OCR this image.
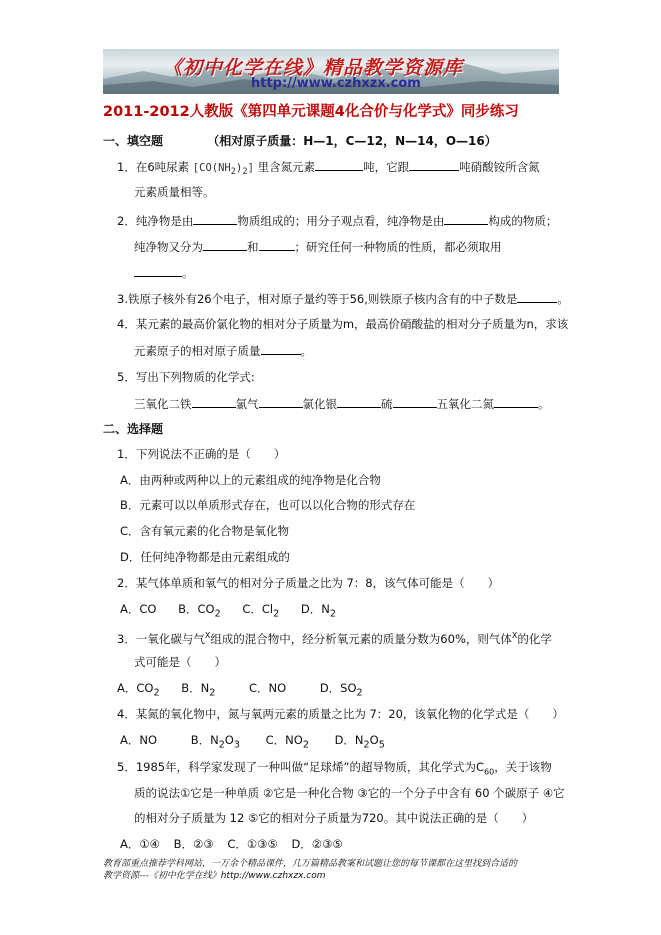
《初中化学在线》精品教学资源库
http://www.czhxzx.com
2011-2012人教版《第四单元课题4化合价与化学式》同步练习
一、填空题	（相对原子质量：H—1，C—12，N—14，O—16）
1．在6吨尿素 $[CO(NH_2)_2]$ 里含氮元素	吨，它跟	吨硝酸铵所含氮
元素质量相等。
2．纯净物是由	物质组成的；用分子观点看，纯净物是由	构成的物质；
纯净物又分为	和	；研究任何一种物质的性质，都必须取用
。
3.铁原子核外有26个电子，相对原子量约等于56,则铁原子核内含有的中子数是	。
4．某元素的最高价氯化物的相对分子质量为m，最高价硝酸盐的相对分子质量为n，求该
元素原子的相对原子质量	。
5．写出下列物质的化学式:
三氧化二铁	氯气	氯化银	硫	五氧化二氮	。
二、选择题
1．下列说法不正确的是（　　）
A．由两种或两种以上的元素组成的纯净物是化合物
B．元素可以以单质形式存在，也可以以化合物的形式存在
C．含有氧元素的化合物是氧化物
D．任何纯净物都是由元素组成的
2．某气体单质和氧气的相对分子质量之比为 7：8，该气体可能是（　　）
A．CO B．$CO_2$ C．$Cl_2$ D．$N_2$
3．一氧化碳与气$^X$组成的混合物中，经分析氧元素的质量分数为60%，则气体$^X$的化学
式可能是（　　）
A．$CO_2$ B．$N_2$	C．NO	D．$SO_2$
4．某氮的氧化物中，氮与氧两元素的质量之比为 7：20，该氧化物的化学式是（　　）
A．NO	B．$N_2O_3$ C．$NO_2$ D．$N_2O_5$
5．1985年，科学家发现了一种叫做“足球烯”的超导物质，其化学式为$C_{60}$，关于该物
质的说法①它是一种单质 ②它是一种化合物 ③它的一个分子中含有 60 个碳原子 ④它
的相对分子质量为 12 ⑤它的相对分子质量为720。其中说法正确的是（　　）
A．①④ B．②③ C．①③⑤ D．②③⑤
教育部重点推荐学科网站，一万余个精品课件，几万篇精品教案和试题让您的每节课都在这里找到合适的
教学资源---《初中化学在线》http://www.czhxzx.com
